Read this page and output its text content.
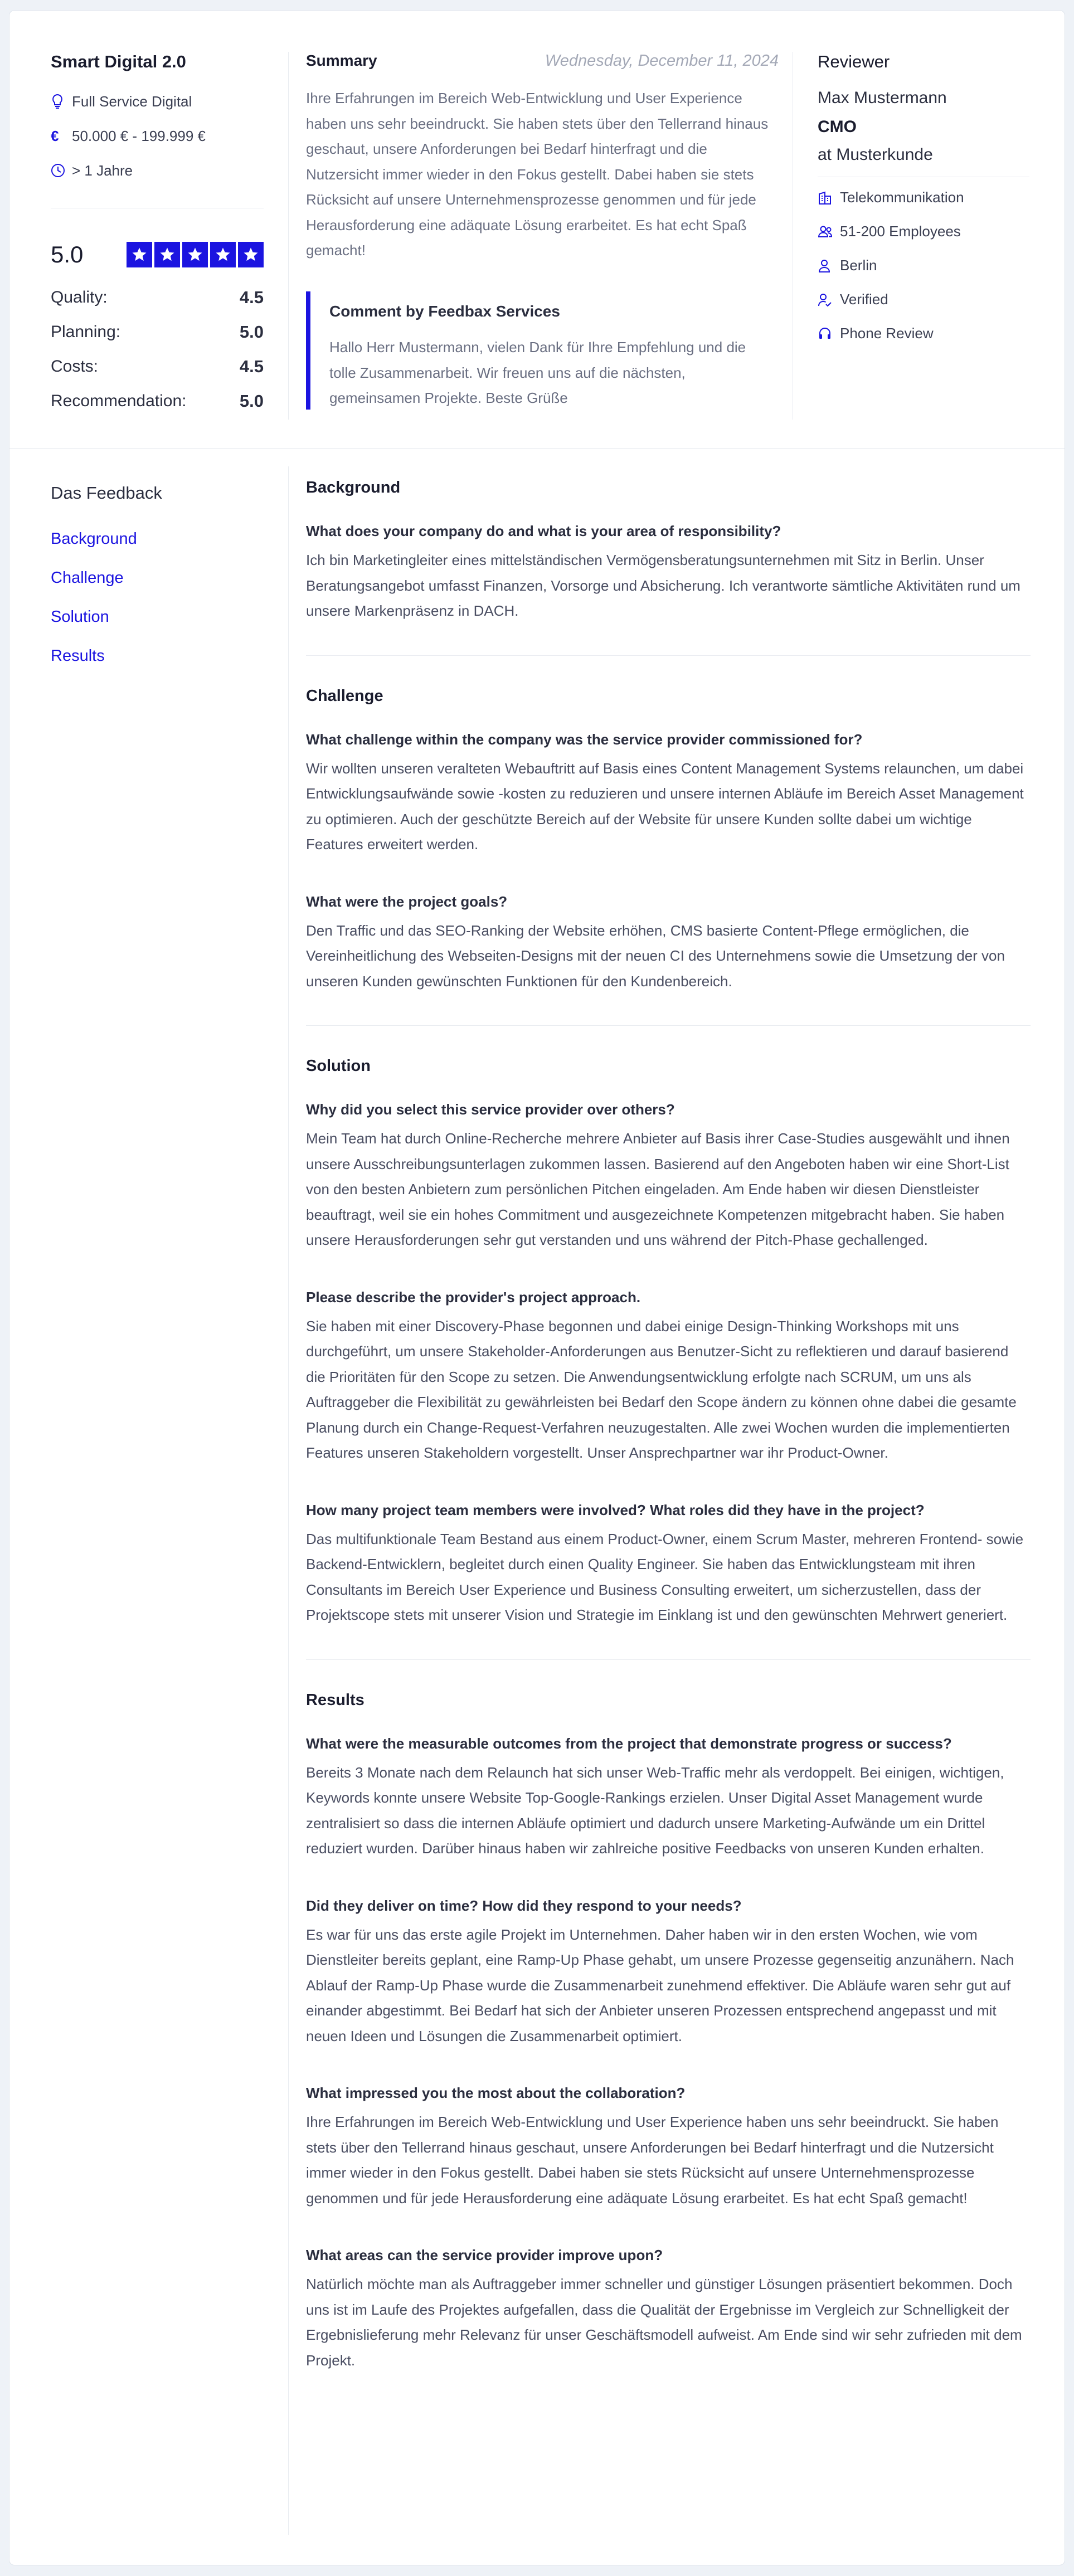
Smart Digital 2.0
Full Service Digital
€ 50.000 € - 199.999 €
> 1 Jahre
5.0
Quality:	4.5
Planning:	5.0
Costs:	4.5
Recommendation:	5.0
Summary	Wednesday, December 11, 2024
Ihre Erfahrungen im Bereich Web-Entwicklung und User Experience haben uns sehr beeindruckt. Sie haben stets über den Tellerrand hinaus geschaut, unsere Anforderungen bei Bedarf hinterfragt und die Nutzersicht immer wieder in den Fokus gestellt. Dabei haben sie stets Rücksicht auf unsere Unternehmensprozesse genommen und für jede Herausforderung eine adäquate Lösung erarbeitet. Es hat echt Spaß gemacht!
Comment by Feedbax Services
Hallo Herr Mustermann, vielen Dank für Ihre Empfehlung und die tolle Zusammenarbeit. Wir freuen uns auf die nächsten, gemeinsamen Projekte. Beste Grüße
Reviewer
Max Mustermann
CMO
at Musterkunde
Telekommunikation
51-200 Employees
Berlin
Verified
Phone Review
Das Feedback
Background
Challenge
Solution
Results
Background
What does your company do and what is your area of responsibility?
Ich bin Marketingleiter eines mittelständischen Vermögensberatungsunternehmen mit Sitz in Berlin. Unser Beratungsangebot umfasst Finanzen, Vorsorge und Absicherung. Ich verantworte sämtliche Aktivitäten rund um unsere Markenpräsenz in DACH.
Challenge
What challenge within the company was the service provider commissioned for?
Wir wollten unseren veralteten Webauftritt auf Basis eines Content Management Systems relaunchen, um dabei Entwicklungsaufwände sowie -kosten zu reduzieren und unsere internen Abläufe im Bereich Asset Management zu optimieren. Auch der geschützte Bereich auf der Website für unsere Kunden sollte dabei um wichtige Features erweitert werden.
What were the project goals?
Den Traffic und das SEO-Ranking der Website erhöhen, CMS basierte Content-Pflege ermöglichen, die Vereinheitlichung des Webseiten-Designs mit der neuen CI des Unternehmens sowie die Umsetzung der von unseren Kunden gewünschten Funktionen für den Kundenbereich.
Solution
Why did you select this service provider over others?
Mein Team hat durch Online-Recherche mehrere Anbieter auf Basis ihrer Case-Studies ausgewählt und ihnen unsere Ausschreibungsunterlagen zukommen lassen. Basierend auf den Angeboten haben wir eine Short-List von den besten Anbietern zum persönlichen Pitchen eingeladen. Am Ende haben wir diesen Dienstleister beauftragt, weil sie ein hohes Commitment und ausgezeichnete Kompetenzen mitgebracht haben. Sie haben unsere Herausforderungen sehr gut verstanden und uns während der Pitch-Phase gechallenged.
Please describe the provider's project approach.
Sie haben mit einer Discovery-Phase begonnen und dabei einige Design-Thinking Workshops mit uns durchgeführt, um unsere Stakeholder-Anforderungen aus Benutzer-Sicht zu reflektieren und darauf basierend die Prioritäten für den Scope zu setzen. Die Anwendungsentwicklung erfolgte nach SCRUM, um uns als Auftraggeber die Flexibilität zu gewährleisten bei Bedarf den Scope ändern zu können ohne dabei die gesamte Planung durch ein Change-Request-Verfahren neuzugestalten. Alle zwei Wochen wurden die implementierten Features unseren Stakeholdern vorgestellt. Unser Ansprechpartner war ihr Product-Owner.
How many project team members were involved? What roles did they have in the project?
Das multifunktionale Team Bestand aus einem Product-Owner, einem Scrum Master, mehreren Frontend- sowie Backend-Entwicklern, begleitet durch einen Quality Engineer. Sie haben das Entwicklungsteam mit ihren Consultants im Bereich User Experience und Business Consulting erweitert, um sicherzustellen, dass der Projektscope stets mit unserer Vision und Strategie im Einklang ist und den gewünschten Mehrwert generiert.
Results
What were the measurable outcomes from the project that demonstrate progress or success?
Bereits 3 Monate nach dem Relaunch hat sich unser Web-Traffic mehr als verdoppelt. Bei einigen, wichtigen, Keywords konnte unsere Website Top-Google-Rankings erzielen. Unser Digital Asset Management wurde zentralisiert so dass die internen Abläufe optimiert und dadurch unsere Marketing-Aufwände um ein Drittel reduziert wurden. Darüber hinaus haben wir zahlreiche positive Feedbacks von unseren Kunden erhalten.
Did they deliver on time? How did they respond to your needs?
Es war für uns das erste agile Projekt im Unternehmen. Daher haben wir in den ersten Wochen, wie vom Dienstleiter bereits geplant, eine Ramp-Up Phase gehabt, um unsere Prozesse gegenseitig anzunähern. Nach Ablauf der Ramp-Up Phase wurde die Zusammenarbeit zunehmend effektiver. Die Abläufe waren sehr gut auf einander abgestimmt. Bei Bedarf hat sich der Anbieter unseren Prozessen entsprechend angepasst und mit neuen Ideen und Lösungen die Zusammenarbeit optimiert.
What impressed you the most about the collaboration?
Ihre Erfahrungen im Bereich Web-Entwicklung und User Experience haben uns sehr beeindruckt. Sie haben stets über den Tellerrand hinaus geschaut, unsere Anforderungen bei Bedarf hinterfragt und die Nutzersicht immer wieder in den Fokus gestellt. Dabei haben sie stets Rücksicht auf unsere Unternehmensprozesse genommen und für jede Herausforderung eine adäquate Lösung erarbeitet. Es hat echt Spaß gemacht!
What areas can the service provider improve upon?
Natürlich möchte man als Auftraggeber immer schneller und günstiger Lösungen präsentiert bekommen. Doch uns ist im Laufe des Projektes aufgefallen, dass die Qualität der Ergebnisse im Vergleich zur Schnelligkeit der Ergebnislieferung mehr Relevanz für unser Geschäftsmodell aufweist. Am Ende sind wir sehr zufrieden mit dem Projekt.
